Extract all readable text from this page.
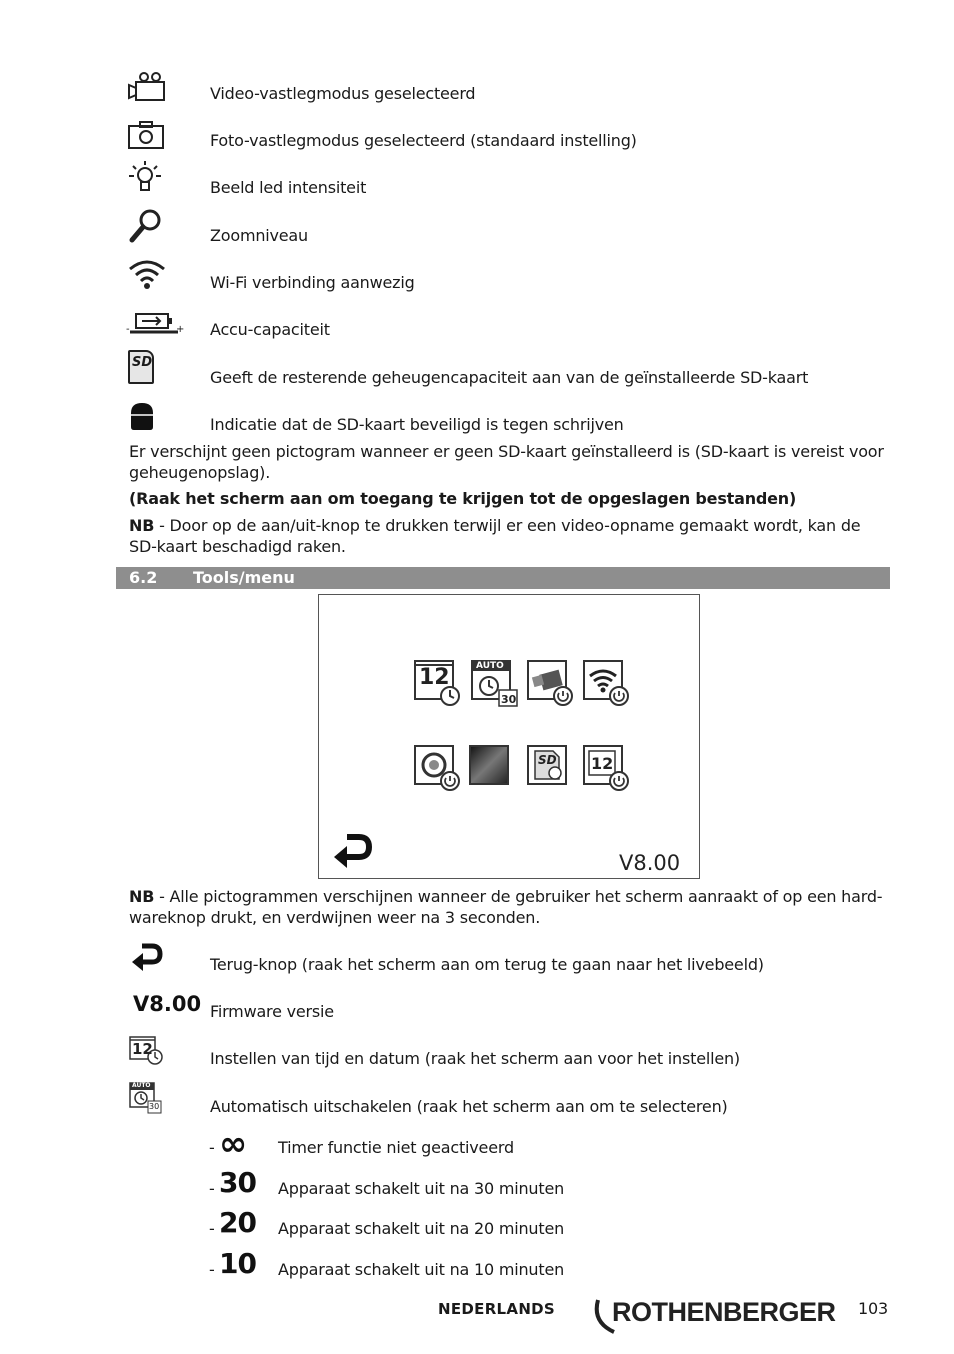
Video-vastlegmodus geselecteerd
Foto-vastlegmodus geselecteerd (standaard instelling)
Beeld led intensiteit
Zoomniveau
Wi-Fi verbinding aanwezig
-	+ Accu-capaciteit
SD
Geeft de resterende geheugencapaciteit aan van de geïnstalleerde SD-kaart
Indicatie dat de SD-kaart beveiligd is tegen schrijven
Er verschijnt geen pictogram wanneer er geen SD-kaart geïnstalleerd is (SD-kaart is vereist voor geheugenopslag).
(Raak het scherm aan om toegang te krijgen tot de opgeslagen bestanden)
NB - Door op de aan/uit-knop te drukken terwijl er een video-opname gemaakt wordt, kan de SD-kaart beschadigd raken.
6.2 Tools/menu
12	AUTO
30
SD 12
V8.00
NB - Alle pictogrammen verschijnen wanneer de gebruiker het scherm aanraakt of op een hard-wareknop drukt, en verdwijnen weer na 3 seconden.
Terug-knop (raak het scherm aan om terug te gaan naar het livebeeld)
V8.00 Firmware versie
12	Instellen van tijd en datum (raak het scherm aan voor het instellen)
AUTO
30	Automatisch uitschakelen (raak het scherm aan om te selecteren)
- ∞ Timer functie niet geactiveerd
- 30 Apparaat schakelt uit na 30 minuten
- 20 Apparaat schakelt uit na 20 minuten
- 10 Apparaat schakelt uit na 10 minuten
NEDERLANDS ROTHENBERGER 103
